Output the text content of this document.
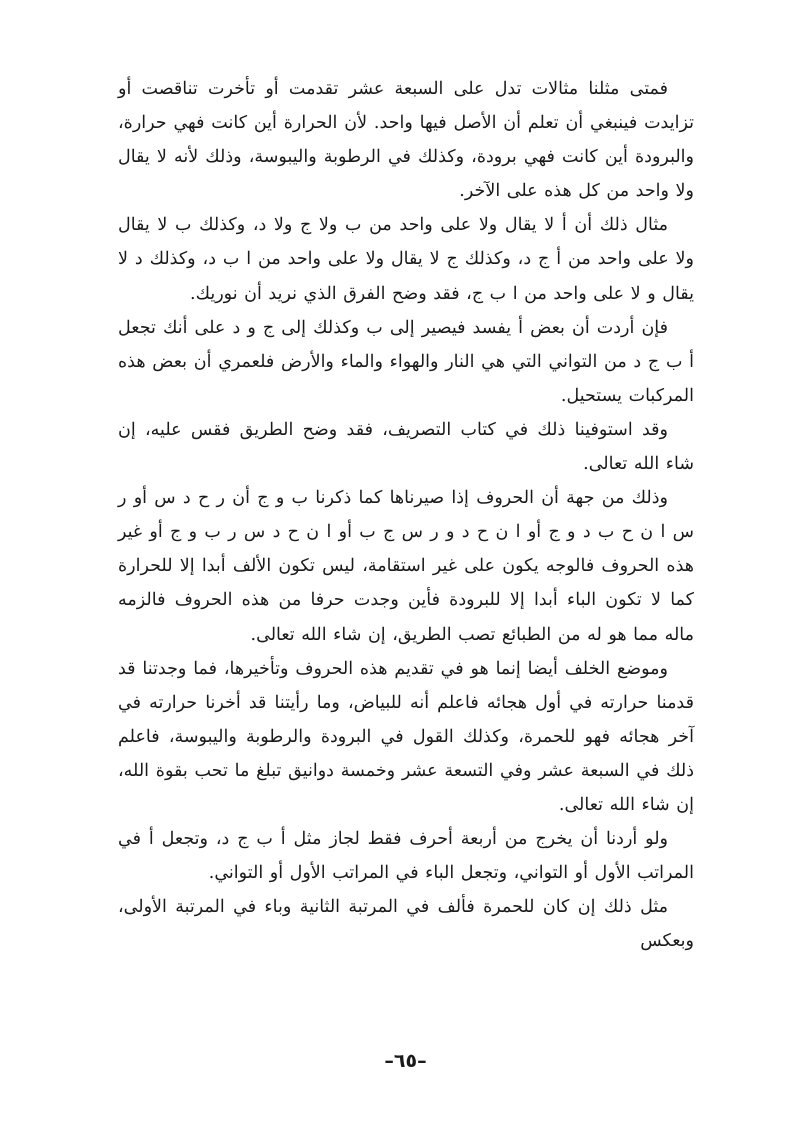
فمتى مثلنا مثالات تدل على السبعة عشر تقدمت أو تأخرت تناقصت أو تزايدت فينبغي أن تعلم أن الأصل فيها واحد. لأن الحرارة أين كانت فهي حرارة، والبرودة أين كانت فهي برودة، وكذلك في الرطوبة واليبوسة، وذلك لأنه لا يقال ولا واحد من كل هذه على الآخر.

مثال ذلك أن أ لا يقال ولا على واحد من ب ولا ج ولا د، وكذلك ب لا يقال ولا على واحد من أ ج د، وكذلك ج لا يقال ولا على واحد من ا ب د، وكذلك د لا يقال و لا على واحد من ا ب ج، فقد وضح الفرق الذي نريد أن نوريك.

فإن أردت أن بعض أ يفسد فيصير إلى ب وكذلك إلى ج و د على أنك تجعل أ ب ج د من التواني التي هي النار والهواء والماء والأرض فلعمري أن بعض هذه المركبات يستحيل.

وقد استوفينا ذلك في كتاب التصريف، فقد وضح الطريق فقس عليه، إن شاء الله تعالى.

وذلك من جهة أن الحروف إذا صيرناها كما ذكرنا ب و ج أن ر ح د س أو ر س ا ن ح ب د و ج أو ا ن ح د و ر س ج ب أو ا ن ح د س ر ب و ج أو غير هذه الحروف فالوجه يكون على غير استقامة، ليس تكون الألف أبدا إلا للحرارة كما لا تكون الباء أبدا إلا للبرودة فأين وجدت حرفا من هذه الحروف فالزمه ماله مما هو له من الطبائع تصب الطريق، إن شاء الله تعالى.

وموضع الخلف أيضا إنما هو في تقديم هذه الحروف وتأخيرها، فما وجدتنا قد قدمنا حرارته في أول هجائه فاعلم أنه للبياض، وما رأيتنا قد أخرنا حرارته في آخر هجائه فهو للحمرة، وكذلك القول في البرودة والرطوبة واليبوسة، فاعلم ذلك في السبعة عشر وفي التسعة عشر وخمسة دوانيق تبلغ ما تحب بقوة الله، إن شاء الله تعالى.

ولو أردنا أن يخرج من أربعة أحرف فقط لجاز مثل أ ب ج د، وتجعل أ في المراتب الأول أو التواني، وتجعل الباء في المراتب الأول أو التواني.

مثل ذلك إن كان للحمرة فألف في المرتبة الثانية وباء في المرتبة الأولى، وبعكس

–٦٥–
